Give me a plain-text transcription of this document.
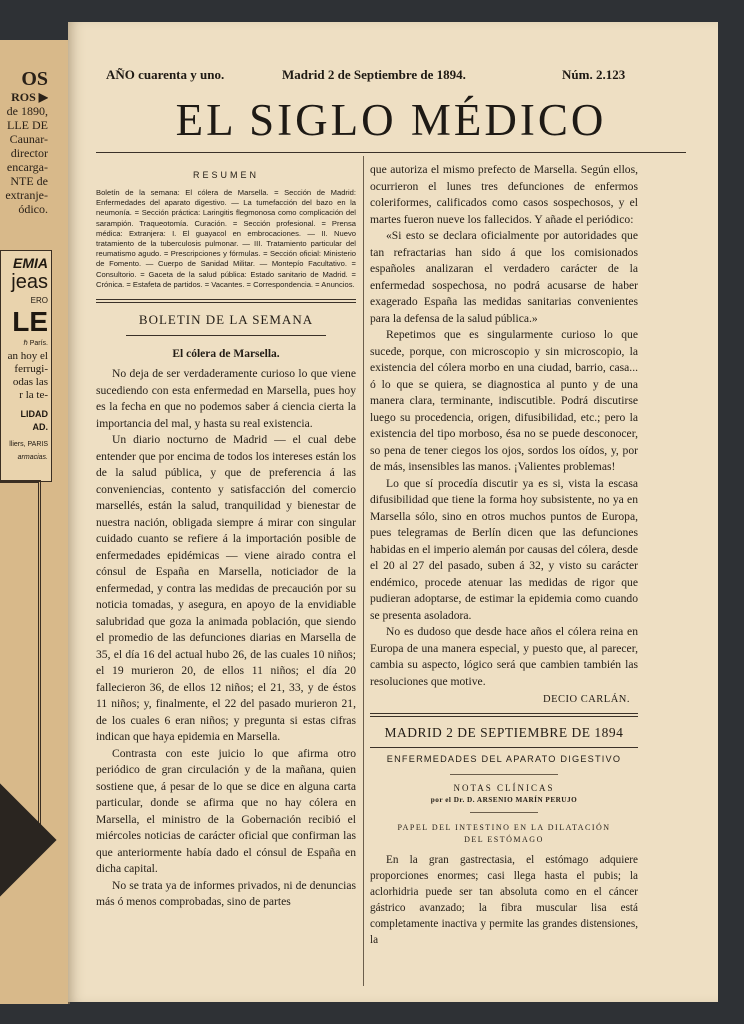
OS
ROS ▶
de 1890,
LLE DE
Caunar-
director
encarga-
NTE de
extranje-
ódico.
EMIA
jeas
ERO
LE
ℏ París.
an hoy el
ferrugi-
odas las
r la te-
LIDAD
AD.
lliers, PARIS
armacias.
AÑO cuarenta y uno.	Madrid 2 de Septiembre de 1894.	Núm. 2.123
EL SIGLO MÉDICO
RESUMEN
Boletín de la semana: El cólera de Marsella. = Sección de Madrid: Enfermedades del aparato digestivo. — La tumefacción del bazo en la neumonía. = Sección práctica: Laringitis flegmonosa como complicación del sarampión. Traqueotomía. Curación. = Sección profesional. = Prensa médica: Extranjera: I. El guayacol en embrocaciones. — II. Nuevo tratamiento de la tuberculosis pulmonar. — III. Tratamiento particular del reumatismo agudo. = Prescripciones y fórmulas. = Sección oficial: Ministerio de Fomento. — Cuerpo de Sanidad Militar. — Montepío Facultativo. = Consultorio. = Gaceta de la salud pública: Estado sanitario de Madrid. = Crónica. = Estafeta de partidos. = Vacantes. = Correspondencia. = Anuncios.
BOLETIN DE LA SEMANA
El cólera de Marsella.

No deja de ser verdaderamente curioso lo que viene sucediendo con esta enfermedad en Marsella, pues hoy es la fecha en que no podemos saber á ciencia cierta la importancia del mal, y hasta su real existencia.

Un diario nocturno de Madrid — el cual debe entender que por encima de todos los intereses están los de la salud pública, y que de preferencia á las conveniencias, contento y satisfacción del comercio marsellés, están la salud, tranquilidad y bienestar de nuestra nación, obligada siempre á mirar con singular cuidado cuanto se refiere á la importación posible de enfermedades epidémicas — viene airado contra el cónsul de España en Marsella, noticiador de la enfermedad, y contra las medidas de precaución por su noticia tomadas, y asegura, en apoyo de la envidiable salubridad que goza la animada población, que siendo el promedio de las defunciones diarias en Marsella de 35, el día 16 del actual hubo 26, de las cuales 10 niños; el 19 murieron 20, de ellos 11 niños; el día 20 fallecieron 36, de ellos 12 niños; el 21, 33, y de éstos 11 niños; y, finalmente, el 22 del pasado murieron 21, de los cuales 6 eran niños; y pregunta si estas cifras indican que haya epidemia en Marsella.

Contrasta con este juicio lo que afirma otro periódico de gran circulación y de la mañana, quien sostiene que, á pesar de lo que se dice en alguna carta particular, donde se afirma que no hay cólera en Marsella, el ministro de la Gobernación recibió el miércoles noticias de carácter oficial que confirman las que anteriormente había dado el cónsul de España en dicha capital.

No se trata ya de informes privados, ni de denuncias más ó menos comprobadas, sino de partes

que autoriza el mismo prefecto de Marsella. Según ellos, ocurrieron el lunes tres defunciones de enfermos coleriformes, calificados como casos sospechosos, y el martes fueron nueve los fallecidos. Y añade el periódico:

«Si esto se declara oficialmente por autoridades que tan refractarias han sido á que los comisionados españoles analizaran el verdadero carácter de la enfermedad sospechosa, no podrá acusarse de haber exagerado España las medidas sanitarias convenientes para la defensa de la salud pública.»

Repetimos que es singularmente curioso lo que sucede, porque, con microscopio y sin microscopio, la existencia del cólera morbo en una ciudad, barrio, casa... ó lo que se quiera, se diagnostica al punto y de una manera clara, terminante, indiscutible. Podrá discutirse luego su procedencia, origen, difusibilidad, etc.; pero la existencia del tipo morboso, ésa no se puede desconocer, so pena de tener ciegos los ojos, sordos los oídos, y, por de más, insensibles las manos. ¡Valientes problemas!

Lo que sí procedía discutir ya es si, vista la escasa difusibilidad que tiene la forma hoy subsistente, no ya en Marsella sólo, sino en otros muchos puntos de Europa, pues telegramas de Berlín dicen que las defunciones habidas en el imperio alemán por causas del cólera, desde el 20 al 27 del pasado, suben á 32, y visto su carácter endémico, procede atenuar las medidas de rigor que pudieran adoptarse, de estimar la epidemia como cuando se presenta asoladora.

No es dudoso que desde hace años el cólera reina en Europa de una manera especial, y puesto que, al parecer, cambia su aspecto, lógico será que cambien también las resoluciones que motive.

DECIO CARLÁN.
MADRID 2 DE SEPTIEMBRE DE 1894
ENFERMEDADES DEL APARATO DIGESTIVO
NOTAS CLÍNICAS
por el Dr. D. ARSENIO MARÍN PERUJO
PAPEL DEL INTESTINO EN LA DILATACIÓN
DEL ESTÓMAGO

En la gran gastrectasia, el estómago adquiere proporciones enormes; casi llega hasta el pubis; la aclorhidria puede ser tan absoluta como en el cáncer gástrico avanzado; la fibra muscular lisa está completamente inactiva y permite las grandes distensiones, la
